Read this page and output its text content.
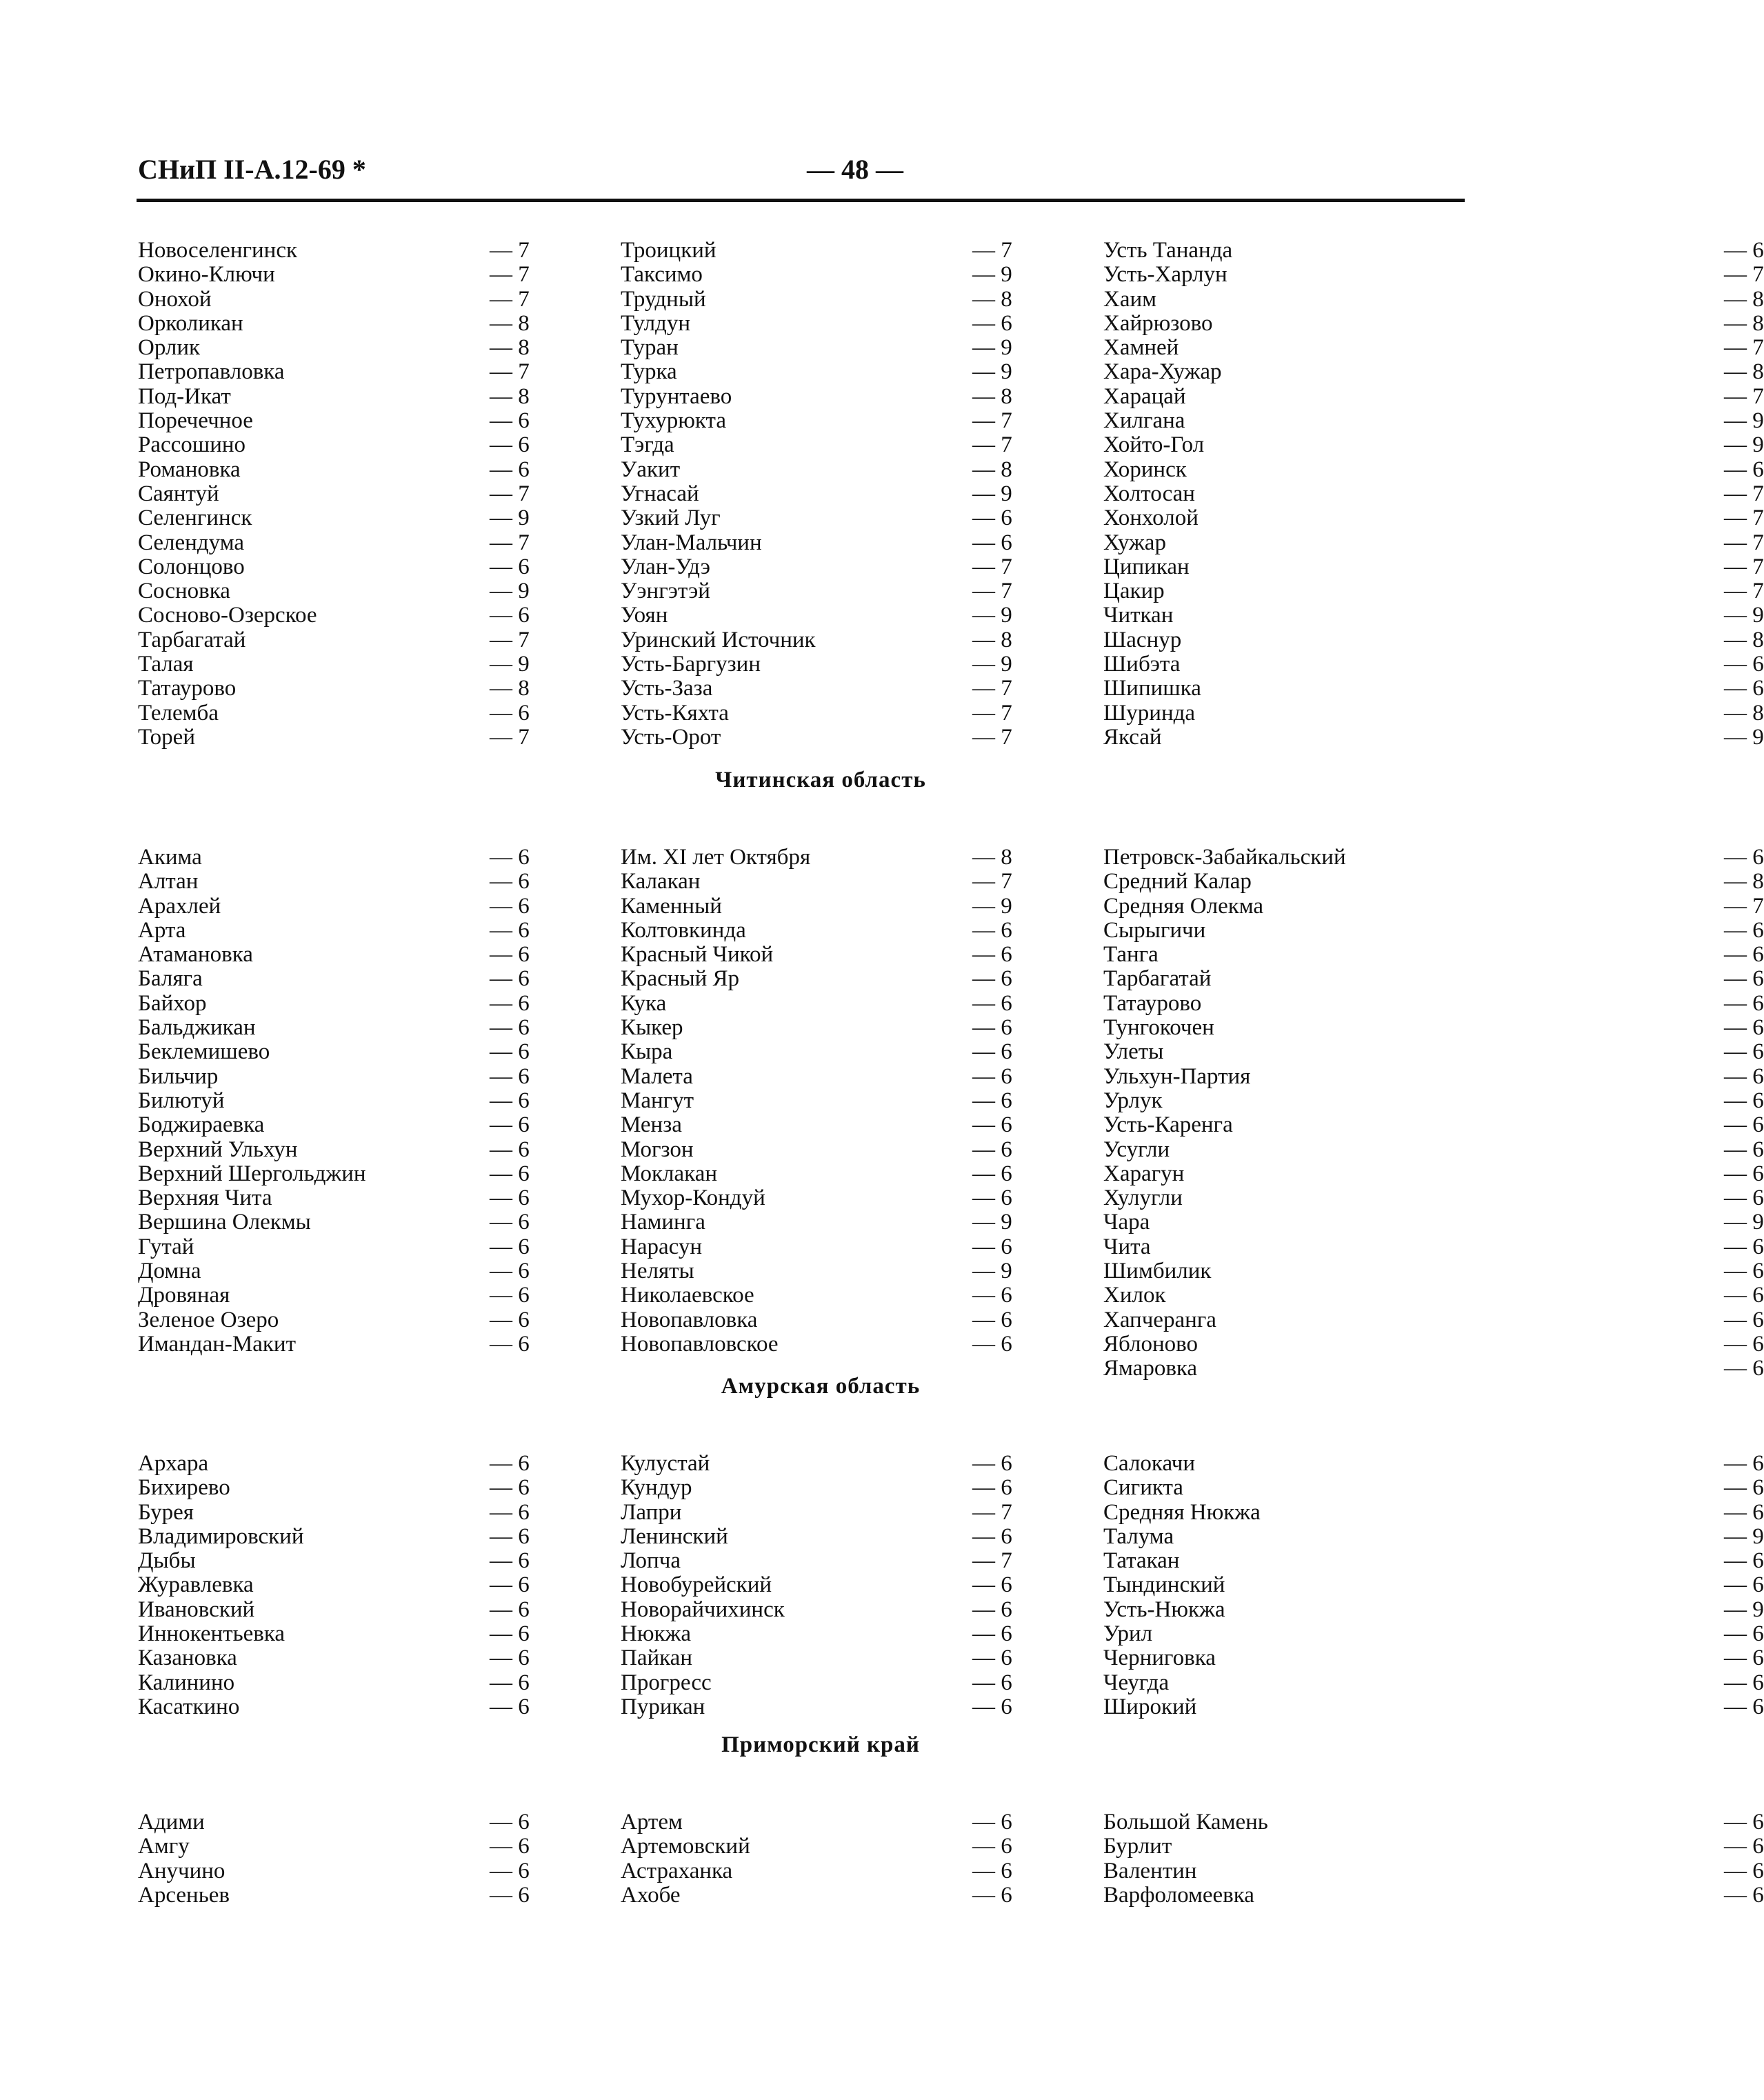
СНиП II-А.12-69 *	— 48 —
Новоселенгинск	— 7
Окино-Ключи	— 7
Онохой	— 7
Орколикан	— 8
Орлик	— 8
Петропавловка	— 7
Под-Икат	— 8
Поречечное	— 6
Рассошино	— 6
Романовка	— 6
Саянтуй	— 7
Селенгинск	— 9
Селендума	— 7
Солонцово	— 6
Сосновка	— 9
Сосново-Озерское	— 6
Тарбагатай	— 7
Талая	— 9
Татаурово	— 8
Телемба	— 6
Торей	— 7
Троицкий	— 7
Таксимо	— 9
Трудный	— 8
Тулдун	— 6
Туран	— 9
Турка	— 9
Турунтаево	— 8
Тухурюкта	— 7
Тэгда	— 7
Уакит	— 8
Угнасай	— 9
Узкий Луг	— 6
Улан-Мальчин	— 6
Улан-Удэ	— 7
Уэнгэтэй	— 7
Уоян	— 9
Уринский Источник	— 8
Усть-Баргузин	— 9
Усть-Заза	— 7
Усть-Кяхта	— 7
Усть-Орот	— 7
Усть Тананда	— 6
Усть-Харлун	— 7
Хаим	— 8
Хайрюзово	— 8
Хамней	— 7
Хара-Хужар	— 8
Харацай	— 7
Хилгана	— 9
Хойто-Гол	— 9
Хоринск	— 6
Холтосан	— 7
Хонхолой	— 7
Хужар	— 7
Ципикан	— 7
Цакир	— 7
Читкан	— 9
Шаснур	— 8
Шибэта	— 6
Шипишка	— 6
Шуринда	— 8
Яксай	— 9
Читинская область
Акима	— 6
Алтан	— 6
Арахлей	— 6
Арта	— 6
Атамановка	— 6
Баляга	— 6
Байхор	— 6
Бальджикан	— 6
Беклемишево	— 6
Бильчир	— 6
Билютуй	— 6
Боджираевка	— 6
Верхний Ульхун	— 6
Верхний Шергольджин	— 6
Верхняя Чита	— 6
Вершина Олекмы	— 6
Гутай	— 6
Домна	— 6
Дровяная	— 6
Зеленое Озеро	— 6
Имандан-Макит	— 6
Им. XI лет Октября	— 8
Калакан	— 7
Каменный	— 9
Колтовкинда	— 6
Красный Чикой	— 6
Красный Яр	— 6
Кука	— 6
Кыкер	— 6
Кыра	— 6
Малета	— 6
Мангут	— 6
Менза	— 6
Могзон	— 6
Моклакан	— 6
Мухор-Кондуй	— 6
Наминга	— 9
Нарасун	— 6
Неляты	— 9
Николаевское	— 6
Новопавловка	— 6
Новопавловское	— 6
Петровск-Забайкальский	— 6
Средний Калар	— 8
Средняя Олекма	— 7
Сырыгичи	— 6
Танга	— 6
Тарбагатай	— 6
Татаурово	— 6
Тунгокочен	— 6
Улеты	— 6
Ульхун-Партия	— 6
Урлук	— 6
Усть-Каренга	— 6
Усугли	— 6
Харагун	— 6
Хулугли	— 6
Чара	— 9
Чита	— 6
Шимбилик	— 6
Хилок	— 6
Хапчеранга	— 6
Яблоново	— 6
Ямаровка	— 6
Амурская область
Архара	— 6
Бихирево	— 6
Бурея	— 6
Владимировский	— 6
Дыбы	— 6
Журавлевка	— 6
Ивановский	— 6
Иннокентьевка	— 6
Казановка	— 6
Калинино	— 6
Касаткино	— 6
Кулустай	— 6
Кундур	— 6
Лапри	— 7
Ленинский	— 6
Лопча	— 7
Новобурейский	— 6
Новорайчихинск	— 6
Нюкжа	— 6
Пайкан	— 6
Прогресс	— 6
Пурикан	— 6
Салокачи	— 6
Сигикта	— 6
Средняя Нюкжа	— 6
Талума	— 9
Татакан	— 6
Тындинский	— 6
Усть-Нюкжа	— 9
Урил	— 6
Черниговка	— 6
Чеугда	— 6
Широкий	— 6
Приморский край
Адими	— 6
Амгу	— 6
Анучино	— 6
Арсеньев	— 6
Артем	— 6
Артемовский	— 6
Астраханка	— 6
Ахобе	— 6
Большой Камень	— 6
Бурлит	— 6
Валентин	— 6
Варфоломеевка	— 6
